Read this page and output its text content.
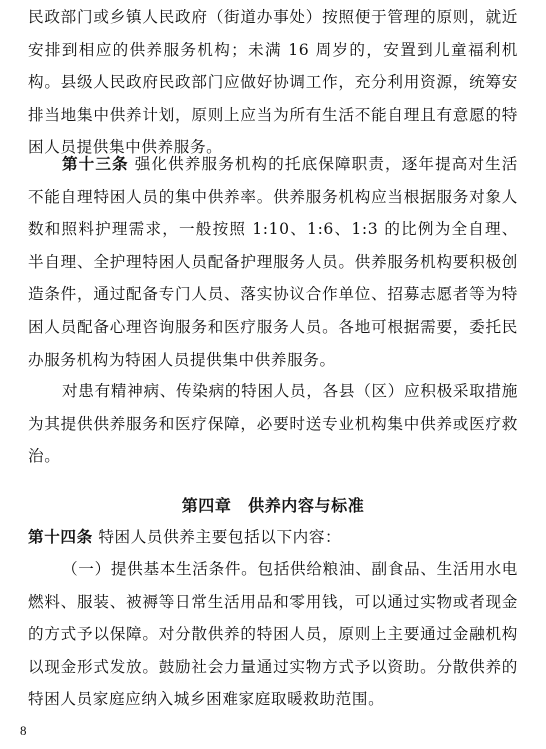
民政部门或乡镇人民政府（街道办事处）按照便于管理的原则，就近安排到相应的供养服务机构；未满 16 周岁的，安置到儿童福利机构。县级人民政府民政部门应做好协调工作，充分利用资源，统筹安排当地集中供养计划，原则上应当为所有生活不能自理且有意愿的特困人员提供集中供养服务。

第十三条 强化供养服务机构的托底保障职责，逐年提高对生活不能自理特困人员的集中供养率。供养服务机构应当根据服务对象人数和照料护理需求，一般按照 1:10、1:6、1:3 的比例为全自理、半自理、全护理特困人员配备护理服务人员。供养服务机构要积极创造条件，通过配备专门人员、落实协议合作单位、招募志愿者等为特困人员配备心理咨询服务和医疗服务人员。各地可根据需要，委托民办服务机构为特困人员提供集中供养服务。

对患有精神病、传染病的特困人员，各县（区）应积极采取措施为其提供供养服务和医疗保障，必要时送专业机构集中供养或医疗救治。

第四章　供养内容与标准

第十四条 特困人员供养主要包括以下内容：

（一）提供基本生活条件。包括供给粮油、副食品、生活用水电燃料、服装、被褥等日常生活用品和零用钱，可以通过实物或者现金的方式予以保障。对分散供养的特困人员，原则上主要通过金融机构以现金形式发放。鼓励社会力量通过实物方式予以资助。分散供养的特困人员家庭应纳入城乡困难家庭取暖救助范围。

8
